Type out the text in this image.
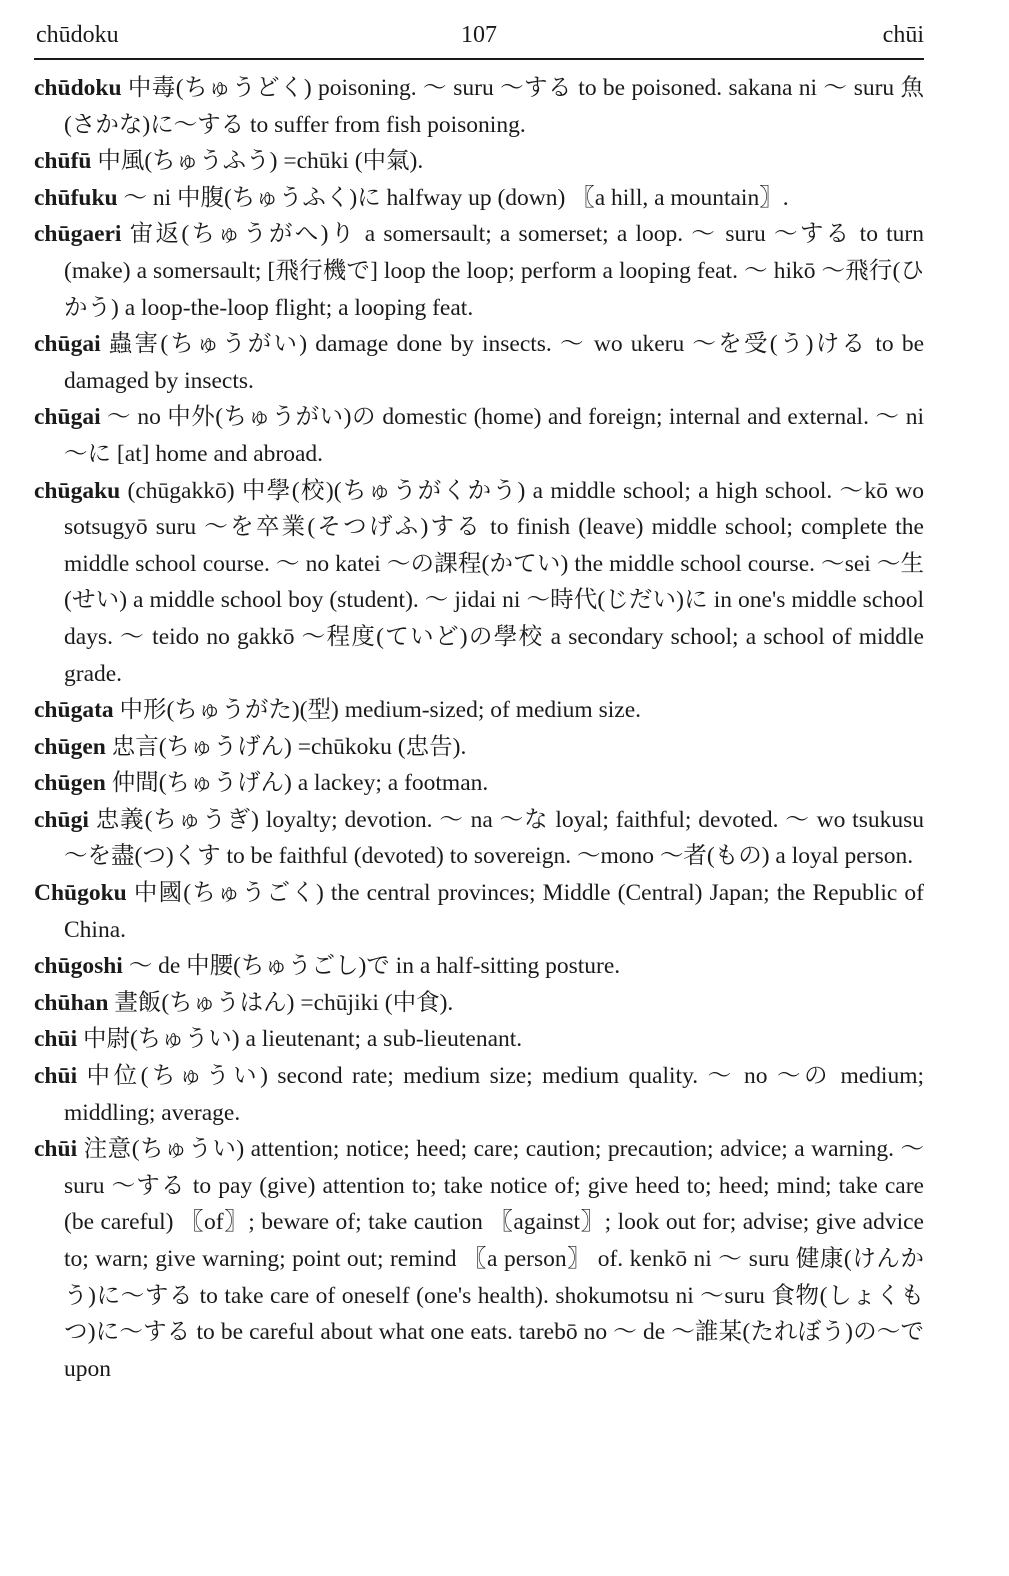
chūdoku	107	chūi

chūdoku 中毒(ちゅうどく) poisoning. ～ suru ～する to be poisoned. sakana ni ～ suru 魚(さかな)に～する to suffer from fish poisoning.

chūfū 中風(ちゅうふう) =chūki (中氣).

chūfuku ～ ni 中腹(ちゅうふく)に halfway up (down) 〖a hill, a mountain〗.

chūgaeri 宙返(ちゅうがへ)り a somersault; a somerset; a loop. ～ suru ～する to turn (make) a somersault; [飛行機で] loop the loop; perform a looping feat. ～ hikō ～飛行(ひかう) a loop-the-loop flight; a looping feat.

chūgai 蟲害(ちゅうがい) damage done by insects. ～ wo ukeru ～を受(う)ける to be damaged by insects.

chūgai ～ no 中外(ちゅうがい)の domestic (home) and foreign; internal and external. ～ ni ～に [at] home and abroad.

chūgaku (chūgakkō) 中學(校)(ちゅうがくかう) a middle school; a high school. ～kō wo sotsugyō suru ～を卒業(そつげふ)する to finish (leave) middle school; complete the middle school course. ～ no katei ～の課程(かてい) the middle school course. ～sei ～生(せい) a middle school boy (student). ～ jidai ni ～時代(じだい)に in one's middle school days. ～ teido no gakkō ～程度(ていど)の學校 a secondary school; a school of middle grade.

chūgata 中形(ちゅうがた)(型) medium-sized; of medium size.

chūgen 忠言(ちゅうげん) =chūkoku (忠告).

chūgen 仲間(ちゅうげん) a lackey; a footman.

chūgi 忠義(ちゅうぎ) loyalty; devotion. ～ na ～な loyal; faithful; devoted. ～ wo tsukusu ～を盡(つ)くす to be faithful (devoted) to sovereign. ～mono ～者(もの) a loyal person.

Chūgoku 中國(ちゅうごく) the central provinces; Middle (Central) Japan; the Republic of China.

chūgoshi ～ de 中腰(ちゅうごし)で in a half-sitting posture.

chūhan 晝飯(ちゅうはん) =chūjiki (中食).

chūi 中尉(ちゅうい) a lieutenant; a sub-lieutenant.

chūi 中位(ちゅうい) second rate; medium size; medium quality. ～ no ～の medium; middling; average.

chūi 注意(ちゅうい) attention; notice; heed; care; caution; precaution; advice; a warning. ～ suru ～する to pay (give) attention to; take notice of; give heed to; heed; mind; take care (be careful) 〖of〗; beware of; take caution 〖against〗; look out for; advise; give advice to; warn; give warning; point out; remind 〖a person〗 of. kenkō ni ～ suru 健康(けんかう)に～する to take care of oneself (one's health). shokumotsu ni ～suru 食物(しょくもつ)に～する to be careful about what one eats. tarebō no ～ de ～誰某(たれぼう)の～で upon
